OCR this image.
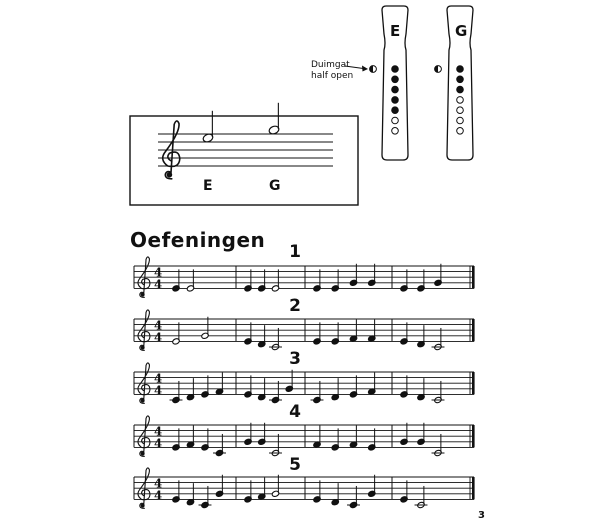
E	G
Duimgat
half open
E	G
Oefeningen	1
2
3
4
5
4
4
4
4
4
4
4
4
4
4
3
